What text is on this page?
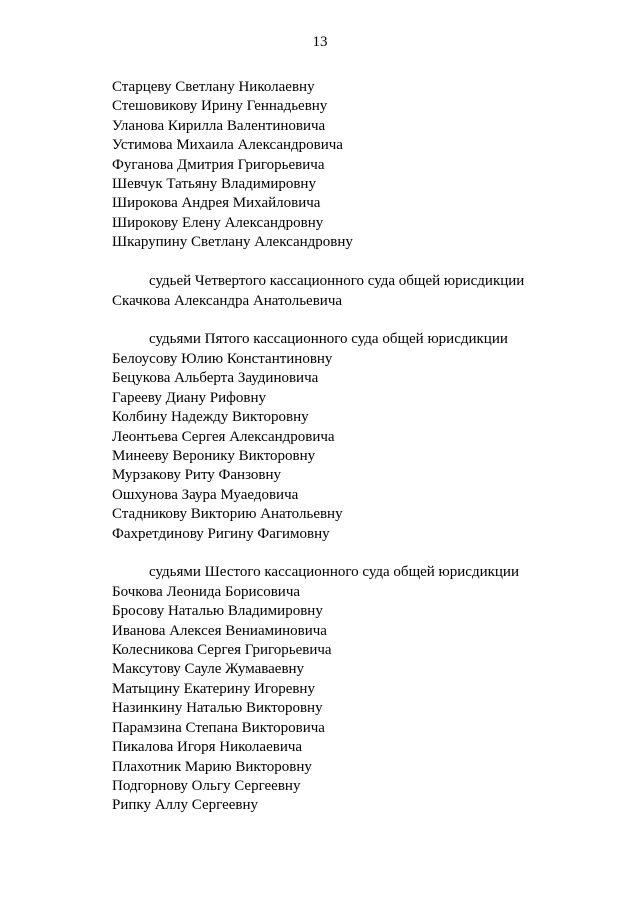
13
Старцеву Светлану Николаевну
Стешовикову Ирину Геннадьевну
Уланова Кирилла Валентиновича
Устимова Михаила Александровича
Фуганова Дмитрия Григорьевича
Шевчук Татьяну Владимировну
Широкова Андрея Михайловича
Широкову Елену Александровну
Шкарупину Светлану Александровну
судьей Четвертого кассационного суда общей юрисдикции
Скачкова Александра Анатольевича
судьями Пятого кассационного суда общей юрисдикции
Белоусову Юлию Константиновну
Бецукова Альберта Заудиновича
Гарееву Диану Рифовну
Колбину Надежду Викторовну
Леонтьева Сергея Александровича
Минееву Веронику Викторовну
Мурзакову Риту Фанзовну
Ошхунова Заура Муаедовича
Стадникову Викторию Анатольевну
Фахретдинову Ригину Фагимовну
судьями Шестого кассационного суда общей юрисдикции
Бочкова Леонида Борисовича
Бросову Наталью Владимировну
Иванова Алексея Вениаминовича
Колесникова Сергея Григорьевича
Максутову Сауле Жумаваевну
Матыцину Екатерину Игоревну
Назинкину Наталью Викторовну
Парамзина Степана Викторовича
Пикалова Игоря Николаевича
Плахотник Марию Викторовну
Подгорнову Ольгу Сергеевну
Рипку Аллу Сергеевну
